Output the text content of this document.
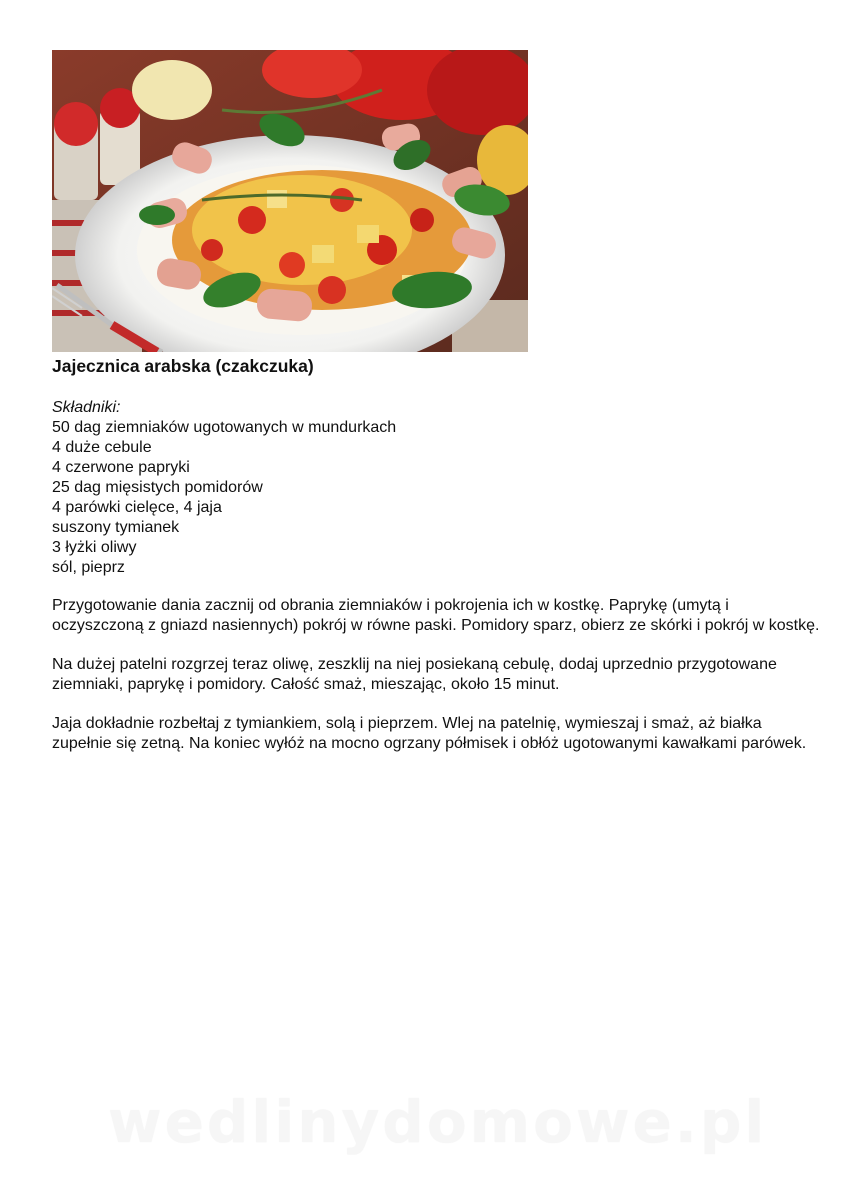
Jajecznica arabska (czakczuka)
Składniki:
50 dag ziemniaków ugotowanych w mundurkach
4 duże cebule
4 czerwone papryki
25 dag mięsistych pomidorów
4 parówki cielęce, 4 jaja
suszony tymianek
3 łyżki oliwy
sól, pieprz

Przygotowanie dania zacznij od obrania ziemniaków i pokrojenia ich w kostkę. Paprykę (umytą i oczyszczoną z gniazd nasiennych) pokrój w równe paski. Pomidory sparz, obierz ze skórki i pokrój w kostkę.

Na dużej patelni rozgrzej teraz oliwę, zeszklij na niej posiekaną cebulę, dodaj uprzednio przygotowane ziemniaki, paprykę i pomidory. Całość smaż, mieszając, około 15 minut.

Jaja dokładnie rozbełtaj z tymiankiem, solą i pieprzem. Wlej na patelnię, wymieszaj i smaż, aż białka zupełnie się zetną. Na koniec wyłóż na mocno ogrzany półmisek i obłóż ugotowanymi kawałkami parówek.

wedlinydomowe.pl
